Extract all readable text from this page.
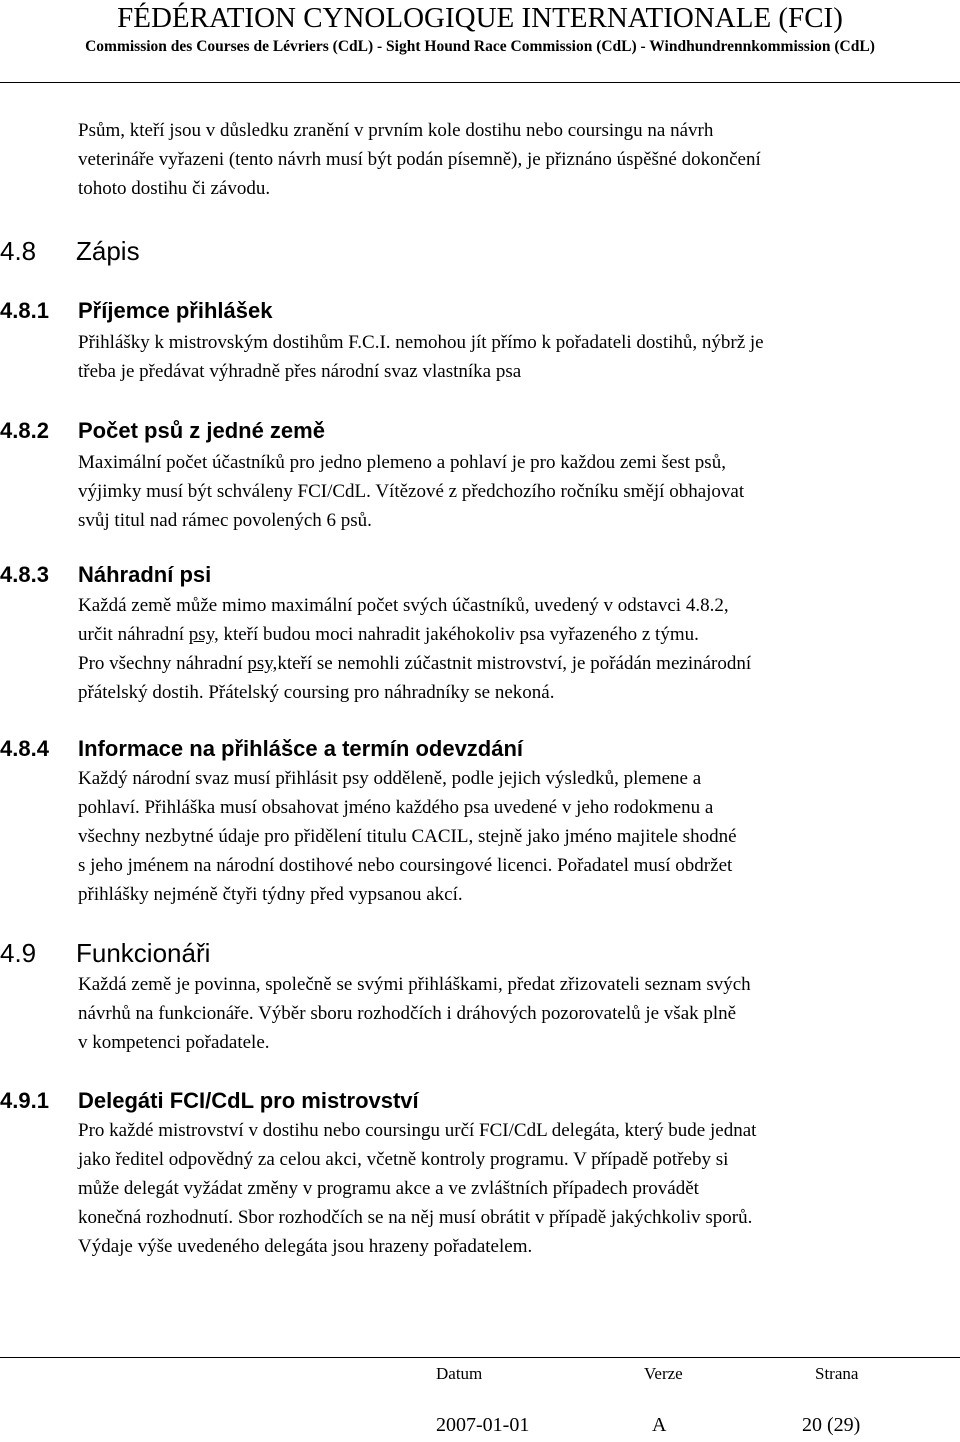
FÉDÉRATION CYNOLOGIQUE INTERNATIONALE (FCI)
Commission des Courses de Lévriers (CdL) - Sight Hound Race Commission (CdL) - Windhundrennkommission (CdL)
Psům, kteří jsou v důsledku zranění v prvním kole dostihu nebo coursingu na návrh
veterináře vyřazeni (tento návrh musí být podán písemně), je přiznáno úspěšné dokončení
tohoto dostihu či závodu.
4.8 Zápis
4.8.1 Příjemce přihlášek
Přihlášky k mistrovským dostihům F.C.I. nemohou jít přímo k pořadateli dostihů, nýbrž je
třeba je předávat výhradně přes národní svaz vlastníka psa
4.8.2 Počet psů z jedné země
Maximální počet účastníků pro jedno plemeno a pohlaví je pro každou zemi šest psů,
výjimky musí být schváleny FCI/CdL. Vítězové z předchozího ročníku smějí obhajovat
svůj titul nad rámec povolených 6 psů.
4.8.3 Náhradní psi
Každá země může mimo maximální počet svých účastníků, uvedený v odstavci 4.8.2,
určit náhradní psy, kteří budou moci nahradit jakéhokoliv psa vyřazeného z týmu.
Pro všechny náhradní psy,kteří se nemohli zúčastnit mistrovství, je pořádán mezinárodní
přátelský dostih. Přátelský coursing pro náhradníky se nekoná.
4.8.4 Informace na přihlášce a termín odevzdání
Každý národní svaz musí přihlásit psy odděleně, podle jejich výsledků, plemene a
pohlaví. Přihláška musí obsahovat jméno každého psa uvedené v jeho rodokmenu a
všechny nezbytné údaje pro přidělení titulu CACIL, stejně jako jméno majitele shodné
s jeho jménem na národní dostihové nebo coursingové licenci. Pořadatel musí obdržet
přihlášky nejméně čtyři týdny před vypsanou akcí.
4.9 Funkcionáři
Každá země je povinna, společně se svými přihláškami, předat zřizovateli seznam svých
návrhů na funkcionáře. Výběr sboru rozhodčích i dráhových pozorovatelů je však plně
v kompetenci pořadatele.
4.9.1 Delegáti FCI/CdL pro mistrovství
Pro každé mistrovství v dostihu nebo coursingu určí FCI/CdL delegáta, který bude jednat
jako ředitel odpovědný za celou akci, včetně kontroly programu. V případě potřeby si
může delegát vyžádat změny v programu akce a ve zvláštních případech provádět
konečná rozhodnutí. Sbor rozhodčích se na něj musí obrátit v případě jakýchkoliv sporů.
Výdaje výše uvedeného delegáta jsou hrazeny pořadatelem.
Datum	Verze	Strana
2007-01-01	A	20 (29)
